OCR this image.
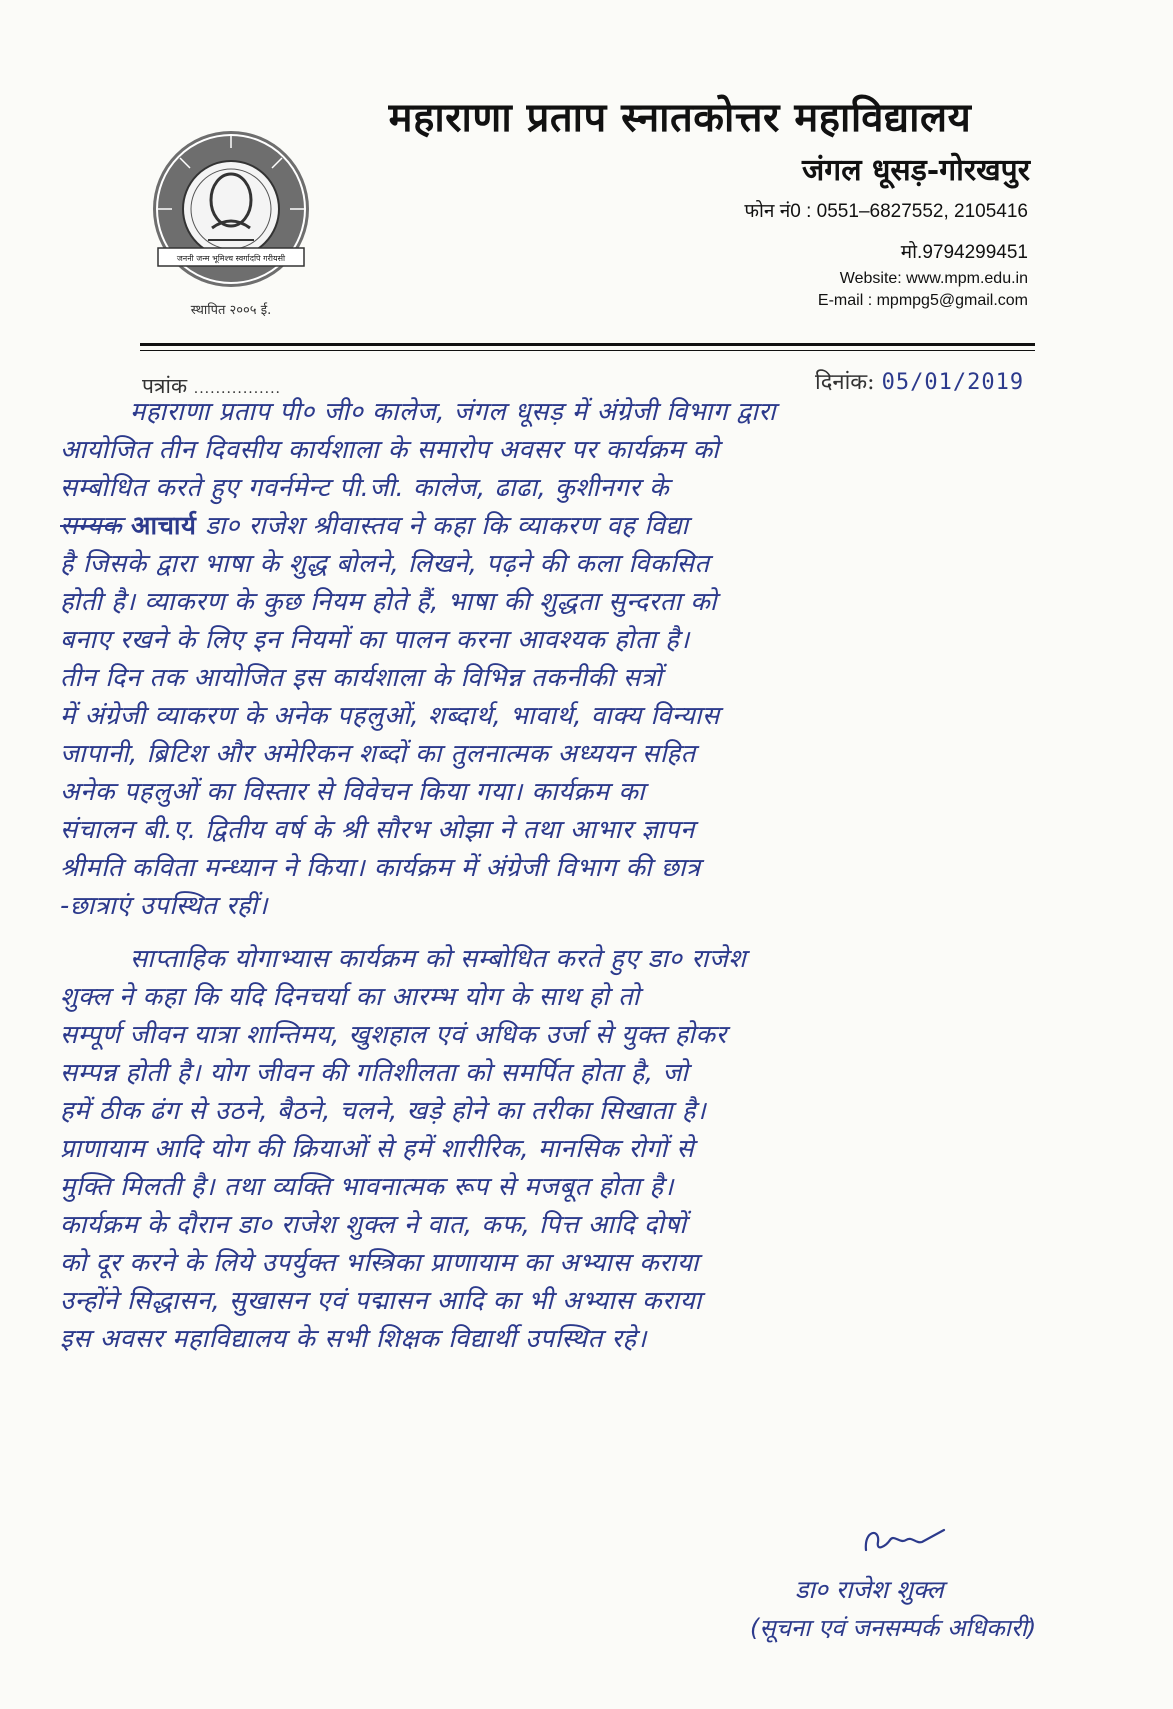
जननी जन्म भूमिश्च स्वर्गादपि गरीयसी
स्थापित २००५ ई.
महाराणा प्रताप स्नातकोत्तर महाविद्यालय
जंगल धूसड़-गोरखपुर
फोन नं0 : 0551–6827552, 2105416
मो.9794299451
Website: www.mpm.edu.in
E-mail : mpmpg5@gmail.com
पत्रांक ................	दिनांक: 05/01/2019
महाराणा प्रताप पी० जी० कालेज, जंगल धूसड़ में अंग्रेजी विभाग द्वारा
आयोजित तीन दिवसीय कार्यशाला के समारोप अवसर पर कार्यक्रम को
सम्बोधित करते हुए गवर्नमेन्ट पी.जी. कालेज, ढाढा, कुशीनगर के
सम्यक आचार्य डा० राजेश श्रीवास्तव ने कहा कि व्याकरण वह विद्या
है जिसके द्वारा भाषा के शुद्ध बोलने, लिखने, पढ़ने की कला विकसित
होती है। व्याकरण के कुछ नियम होते हैं, भाषा की शुद्धता सुन्दरता को
बनाए रखने के लिए इन नियमों का पालन करना आवश्यक होता है।
तीन दिन तक आयोजित इस कार्यशाला के विभिन्न तकनीकी सत्रों
में अंग्रेजी व्याकरण के अनेक पहलुओं, शब्दार्थ, भावार्थ, वाक्य विन्यास
जापानी, ब्रिटिश और अमेरिकन शब्दों का तुलनात्मक अध्ययन सहित
अनेक पहलुओं का विस्तार से विवेचन किया गया। कार्यक्रम का
संचालन बी.ए. द्वितीय वर्ष के श्री सौरभ ओझा ने तथा आभार ज्ञापन
श्रीमति कविता मन्ध्यान ने किया। कार्यक्रम में अंग्रेजी विभाग की छात्र
-छात्राएं उपस्थित रहीं।
साप्ताहिक योगाभ्यास कार्यक्रम को सम्बोधित करते हुए डा० राजेश
शुक्ल ने कहा कि यदि दिनचर्या का आरम्भ योग के साथ हो तो
सम्पूर्ण जीवन यात्रा शान्तिमय, खुशहाल एवं अधिक उर्जा से युक्त होकर
सम्पन्न होती है। योग जीवन की गतिशीलता को समर्पित होता है, जो
हमें ठीक ढंग से उठने, बैठने, चलने, खड़े होने का तरीका सिखाता है।
प्राणायाम आदि योग की क्रियाओं से हमें शारीरिक, मानसिक रोगों से
मुक्ति मिलती है। तथा व्यक्ति भावनात्मक रूप से मजबूत होता है।
कार्यक्रम के दौरान डा० राजेश शुक्ल ने वात, कफ, पित्त आदि दोषों
को दूर करने के लिये उपर्युक्त भस्त्रिका प्राणायाम का अभ्यास कराया
उन्होंने सिद्धासन, सुखासन एवं पद्मासन आदि का भी अभ्यास कराया
इस अवसर महाविद्यालय के सभी शिक्षक विद्यार्थी उपस्थित रहे।
डा० राजेश शुक्ल
(सूचना एवं जनसम्पर्क अधिकारी)
